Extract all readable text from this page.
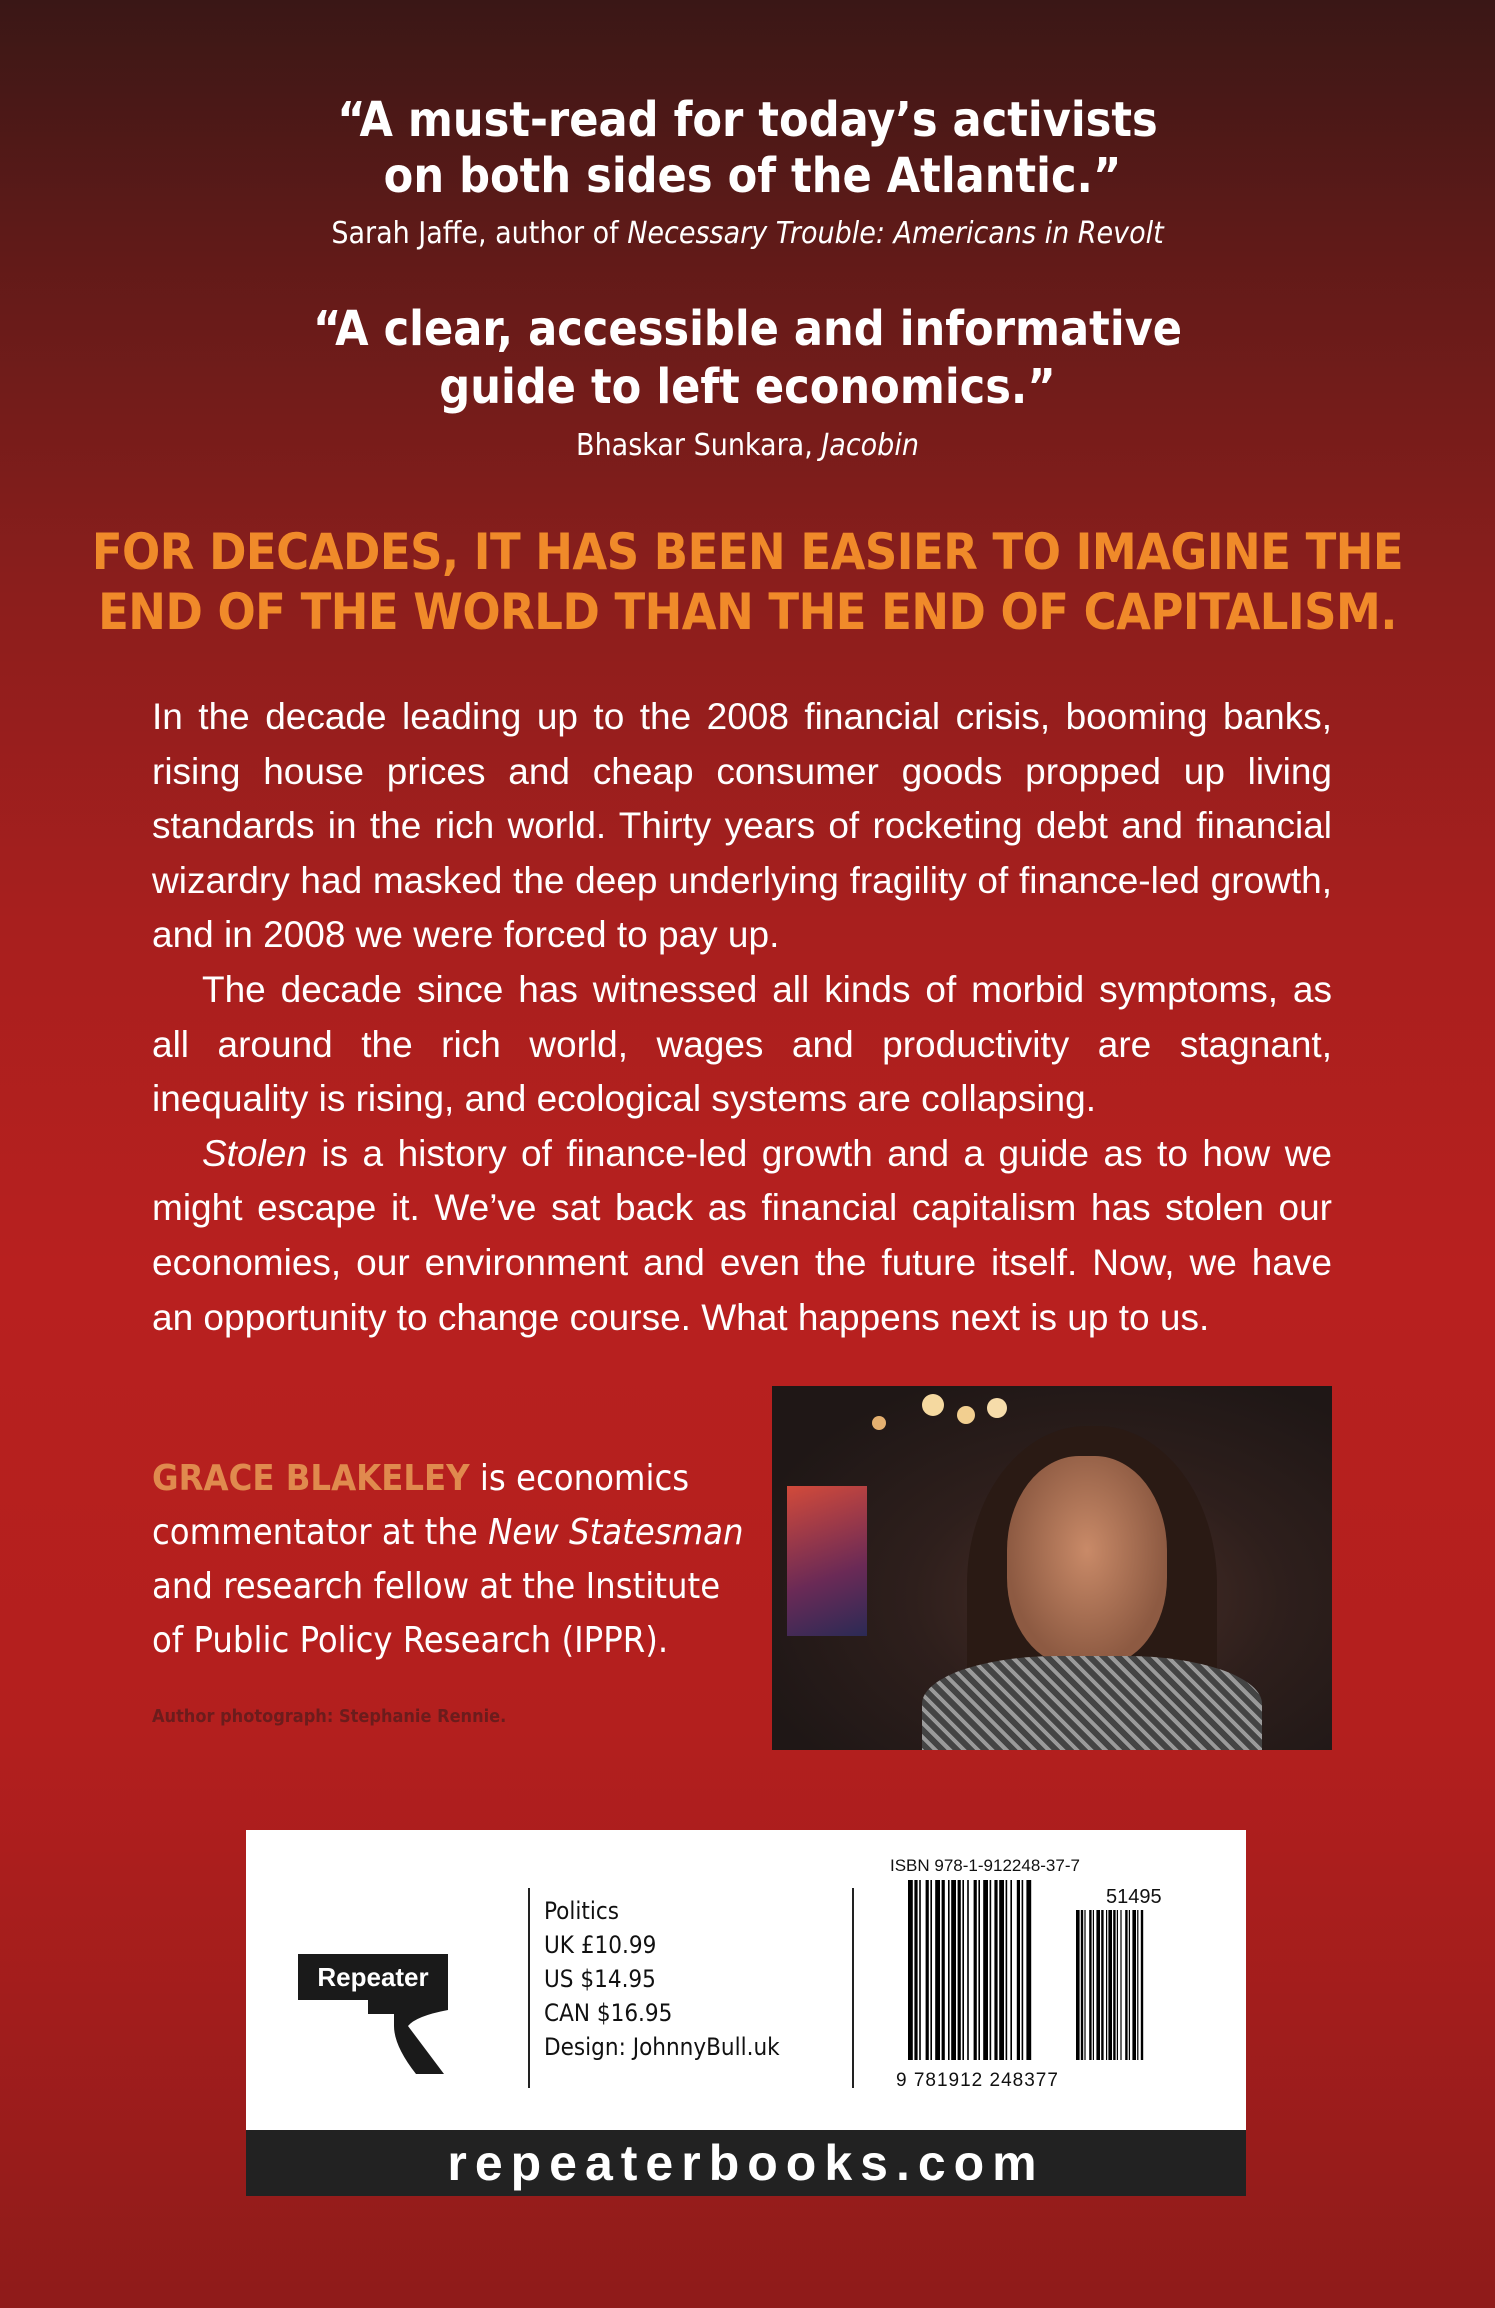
“A must-read for today’s activists

on both sides of the Atlantic.”
Sarah Jaffe, author of Necessary Trouble: Americans in Revolt
“A clear, accessible and informative
guide to left economics.”
Bhaskar Sunkara, Jacobin
FOR DECADES, IT HAS BEEN EASIER TO IMAGINE THE
END OF THE WORLD THAN THE END OF CAPITALISM.

In the decade leading up to the 2008 financial crisis, booming banks, rising house prices and cheap consumer goods propped up living standards in the rich world. Thirty years of rocketing debt and financial wizardry had masked the deep underlying fragility of finance-led growth, and in 2008 we were forced to pay up.

The decade since has witnessed all kinds of morbid symptoms, as all around the rich world, wages and productivity are stagnant, inequality is rising, and ecological systems are collapsing.

Stolen is a history of finance-led growth and a guide as to how we might escape it. We’ve sat back as financial capitalism has stolen our economies, our environment and even the future itself. Now, we have an opportunity to change course. What happens next is up to us.

GRACE BLAKELEY is economics commentator at the New Statesman and research fellow at the Institute of Public Policy Research (IPPR).
Author photograph: Stephanie Rennie.
Repeater
Politics
UK £10.99
US $14.95
CAN $16.95
Design: JohnnyBull.uk
ISBN 978-1-912248-37-7
51495
9 781912 248377
repeaterbooks.com
